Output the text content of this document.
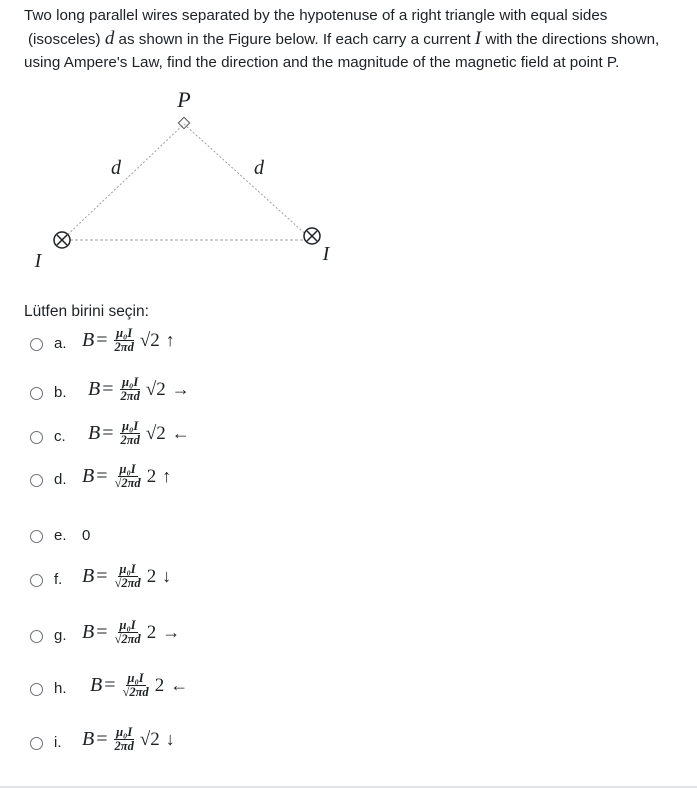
Two long parallel wires separated by the hypotenuse of a right triangle with equal sides
(isosceles) d as shown in the Figure below. If each carry a current I with the directions shown,
using Ampere's Law, find the direction and the magnitude of the magnetic field at point P.
P
d	d
I	I
Lütfen birini seçin:
a. $B = \frac{\text{μ₀I}}{2\pi d} √2$ ↑
b. $B = \frac{\text{μ₀I}}{2\pi d} √2$ →
c. $B = \frac{\text{μ₀I}}{2\pi d} √2$ ←
d. $B = \frac{\text{μ₀I}}{√2\pi d} 2$ ↑
e. 0
f. $B = \frac{\text{μ₀I}}{√2\pi d} 2$ ↓
g. $B = \frac{\text{μ₀I}}{√2\pi d} 2$ →
h. $B = \frac{\text{μ₀I}}{√2\pi d} 2$ ←
i. $B = \frac{\text{μ₀I}}{2\pi d} √2$ ↓
